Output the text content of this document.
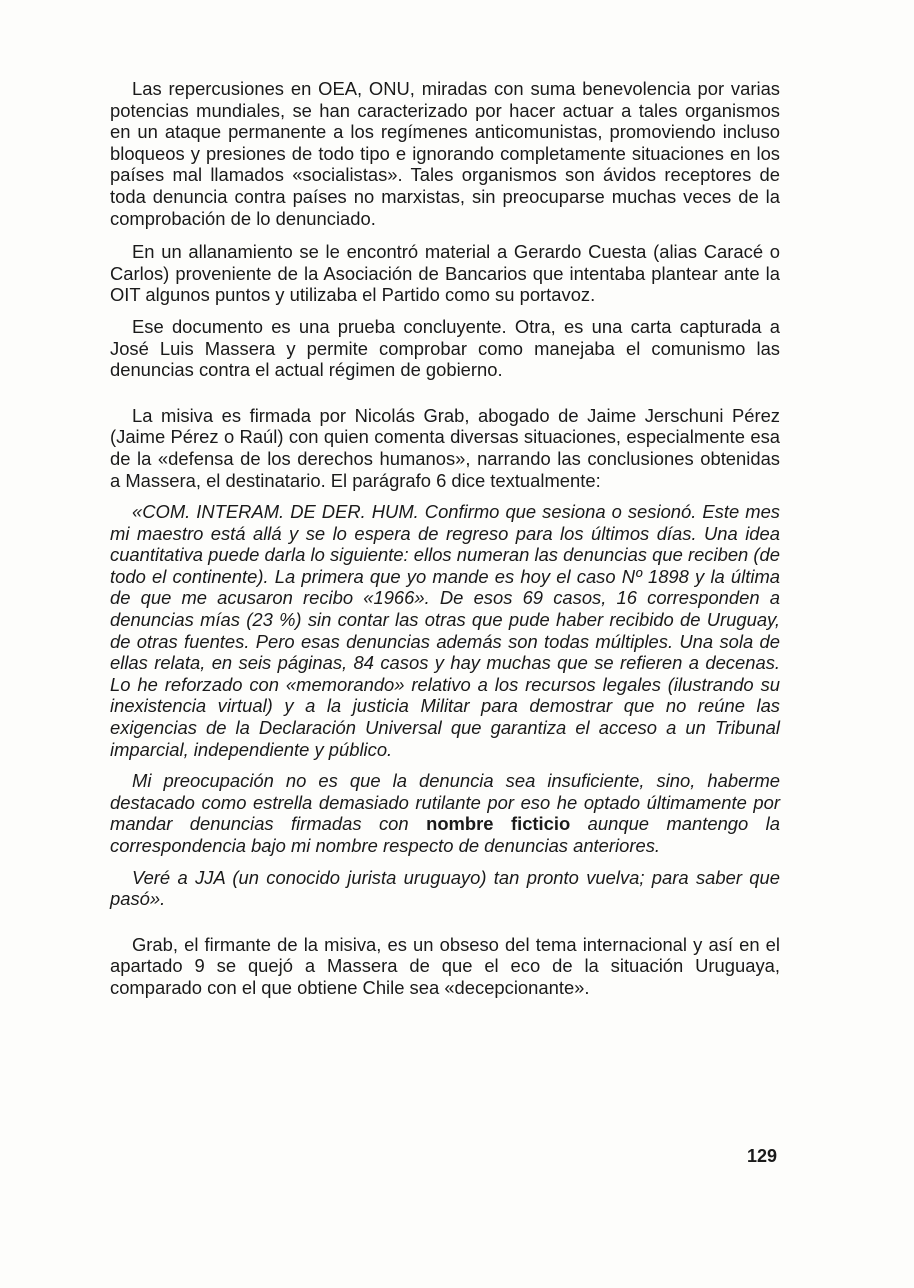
Las repercusiones en OEA, ONU, miradas con suma benevolencia por varias potencias mundiales, se han caracterizado por hacer actuar a tales organismos en un ataque permanente a los regímenes anticomunistas, promoviendo incluso bloqueos y presiones de todo tipo e ignorando completamente situaciones en los países mal llamados «socialistas». Tales organismos son ávidos receptores de toda denuncia contra países no marxistas, sin preocuparse muchas veces de la comprobación de lo denunciado.

En un allanamiento se le encontró material a Gerardo Cuesta (alias Caracé o Carlos) proveniente de la Asociación de Bancarios que intentaba plantear ante la OIT algunos puntos y utilizaba el Partido como su portavoz.

Ese documento es una prueba concluyente. Otra, es una carta capturada a José Luis Massera y permite comprobar como manejaba el comunismo las denuncias contra el actual régimen de gobierno.

La misiva es firmada por Nicolás Grab, abogado de Jaime Jerschuni Pérez (Jaime Pérez o Raúl) con quien comenta diversas situaciones, especialmente esa de la «defensa de los derechos humanos», narrando las conclusiones obtenidas a Massera, el destinatario. El parágrafo 6 dice textualmente:

«COM. INTERAM. DE DER. HUM. Confirmo que sesiona o sesionó. Este mes mi maestro está allá y se lo espera de regreso para los últimos días. Una idea cuantitativa puede darla lo siguiente: ellos numeran las denuncias que reciben (de todo el continente). La primera que yo mande es hoy el caso Nº 1898 y la última de que me acusaron recibo «1966». De esos 69 casos, 16 corresponden a denuncias mías (23 %) sin contar las otras que pude haber recibido de Uruguay, de otras fuentes. Pero esas denuncias además son todas múltiples. Una sola de ellas relata, en seis páginas, 84 casos y hay muchas que se refieren a decenas. Lo he reforzado con «memorando» relativo a los recursos legales (ilustrando su inexistencia virtual) y a la justicia Militar para demostrar que no reúne las exigencias de la Declaración Universal que garantiza el acceso a un Tribunal imparcial, independiente y público.

Mi preocupación no es que la denuncia sea insuficiente, sino, haberme destacado como estrella demasiado rutilante por eso he optado últimamente por mandar denuncias firmadas con nombre ficticio aunque mantengo la correspondencia bajo mi nombre respecto de denuncias anteriores.

Veré a JJA (un conocido jurista uruguayo) tan pronto vuelva; para saber que pasó».

Grab, el firmante de la misiva, es un obseso del tema internacional y así en el apartado 9 se quejó a Massera de que el eco de la situación Uruguaya, comparado con el que obtiene Chile sea «decepcionante».

129
